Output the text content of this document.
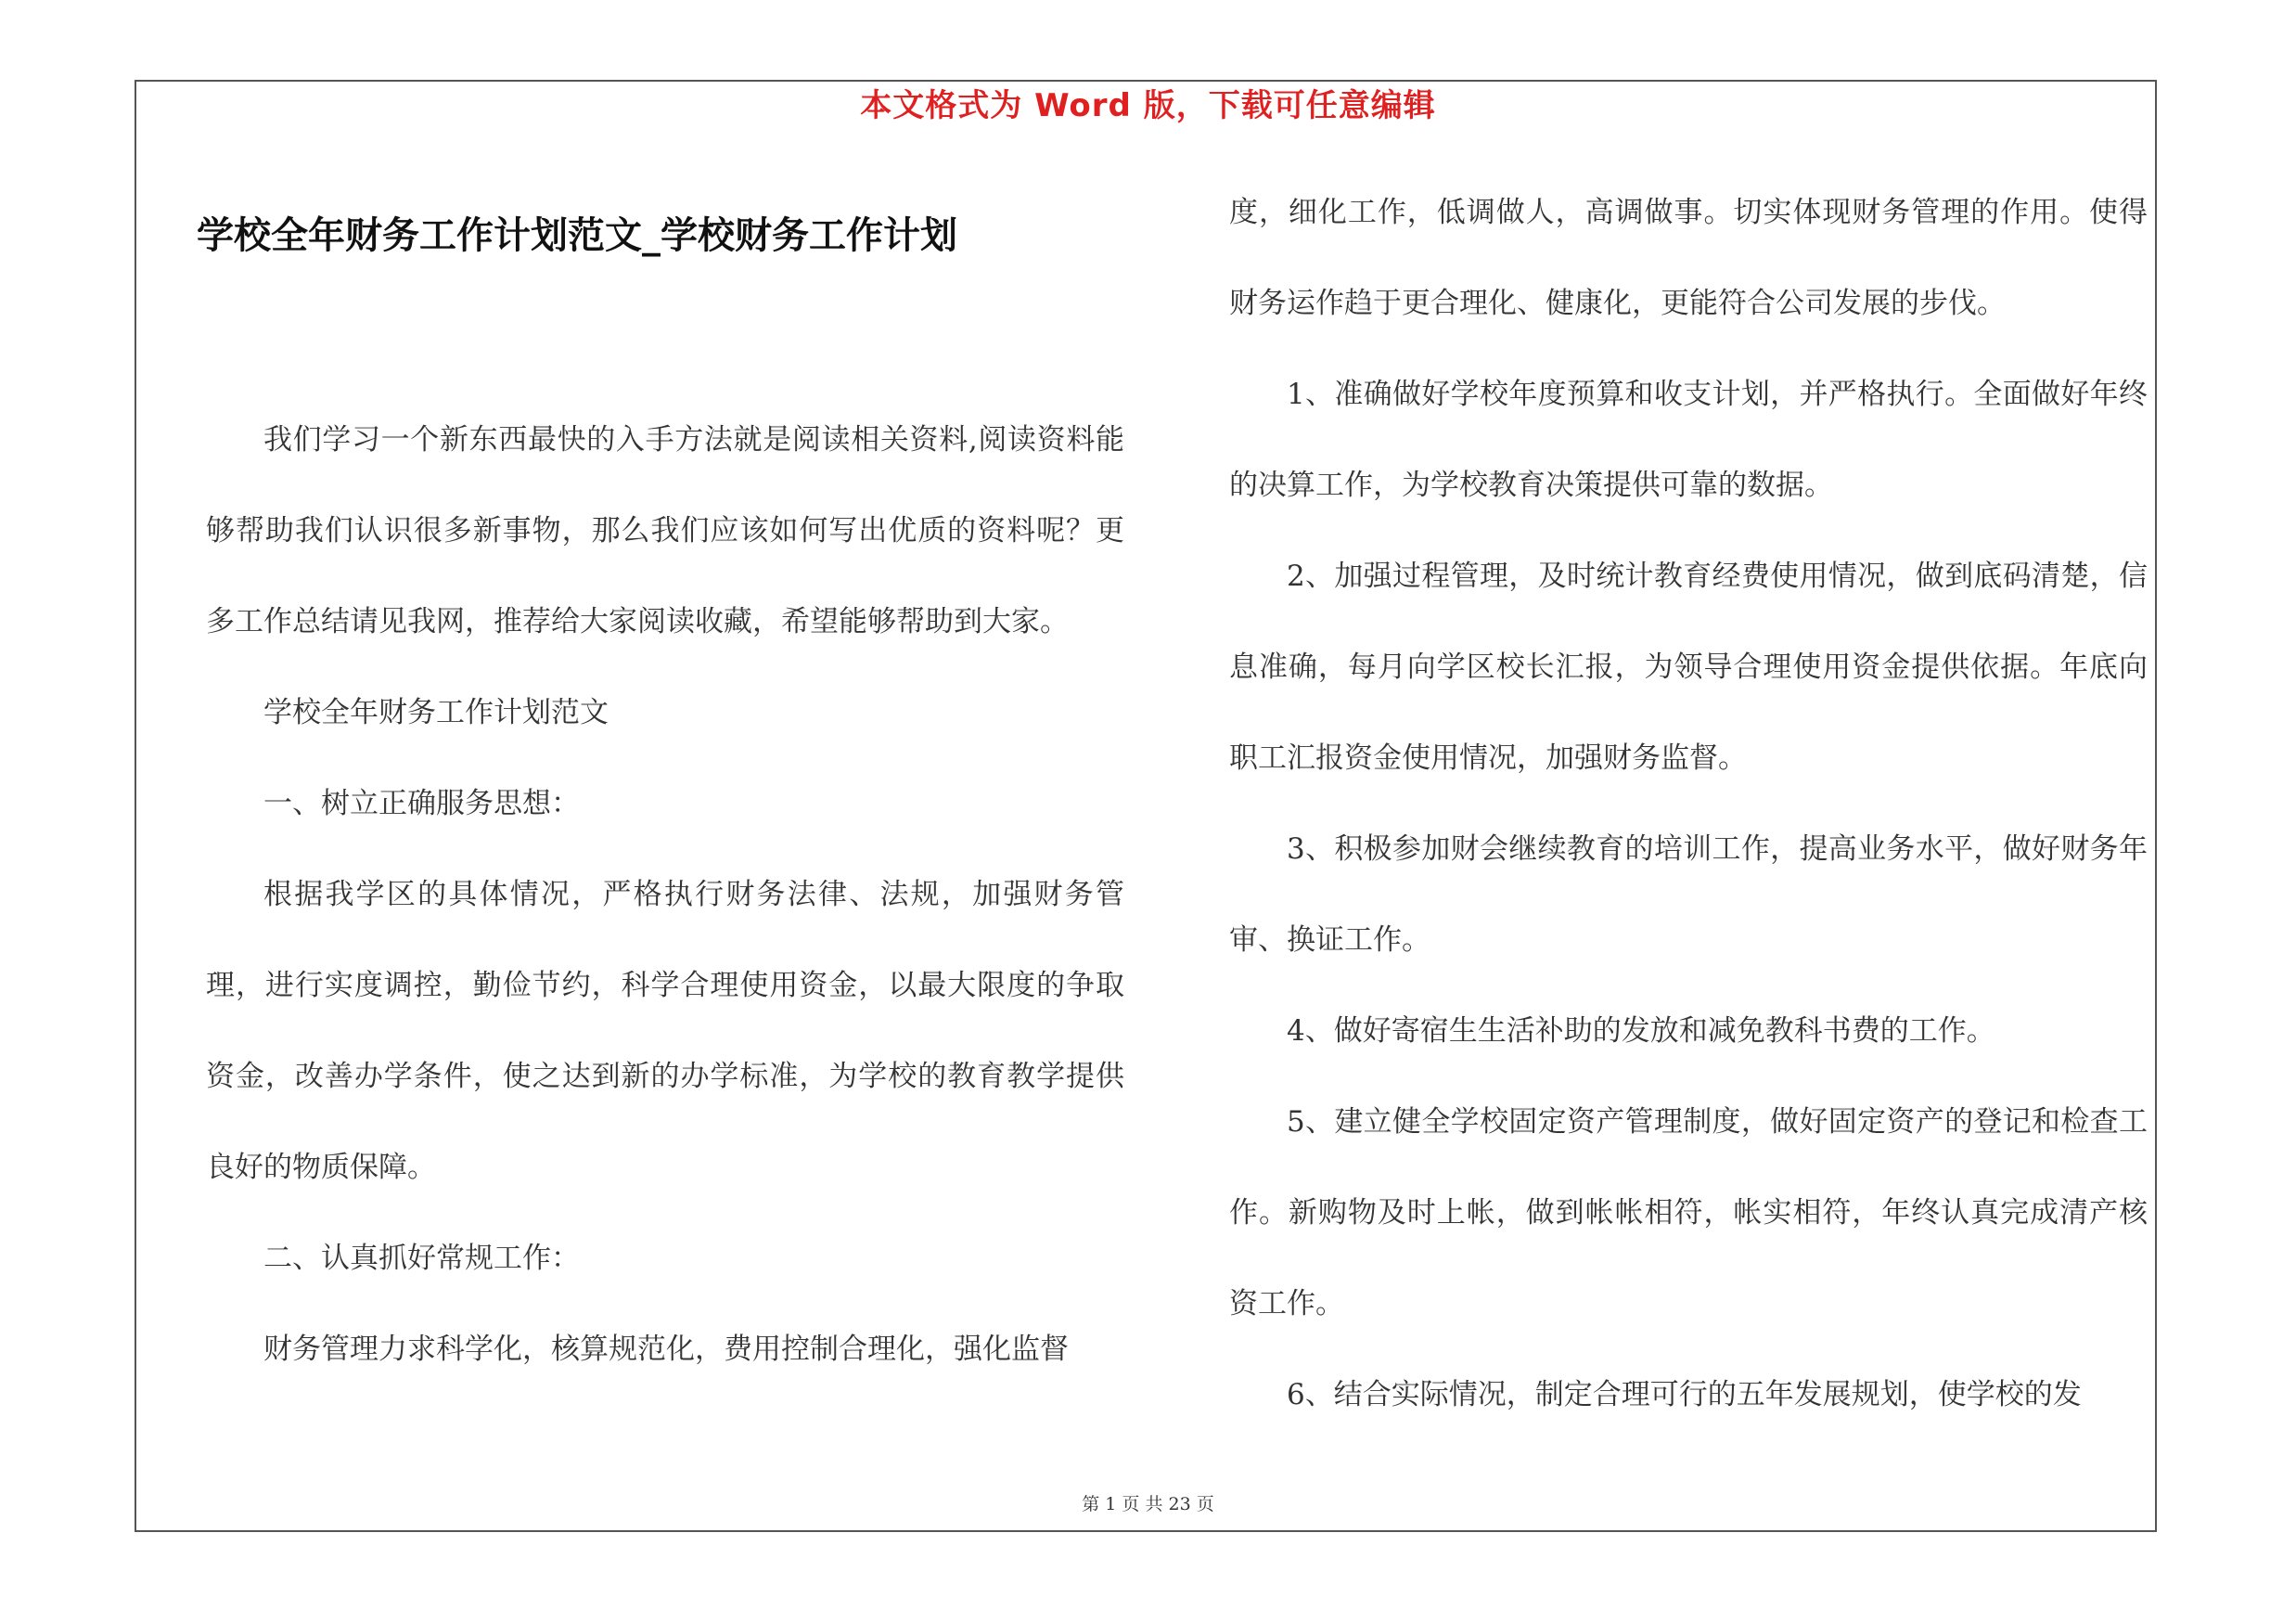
本文格式为 Word 版，下载可任意编辑
学校全年财务工作计划范文_学校财务工作计划

我们学习一个新东西最快的入手方法就是阅读相关资料,阅读资料能够帮助我们认识很多新事物，那么我们应该如何写出优质的资料呢？更多工作总结请见我网，推荐给大家阅读收藏，希望能够帮助到大家。

学校全年财务工作计划范文

一、树立正确服务思想：

根据我学区的具体情况，严格执行财务法律、法规，加强财务管理，进行实度调控，勤俭节约，科学合理使用资金，以最大限度的争取资金，改善办学条件，使之达到新的办学标准，为学校的教育教学提供良好的物质保障。

二、认真抓好常规工作：

财务管理力求科学化，核算规范化，费用控制合理化，强化监督

度，细化工作，低调做人，高调做事。切实体现财务管理的作用。使得财务运作趋于更合理化、健康化，更能符合公司发展的步伐。

1、准确做好学校年度预算和收支计划，并严格执行。全面做好年终的决算工作，为学校教育决策提供可靠的数据。

2、加强过程管理，及时统计教育经费使用情况，做到底码清楚，信息准确，每月向学区校长汇报，为领导合理使用资金提供依据。年底向职工汇报资金使用情况，加强财务监督。

3、积极参加财会继续教育的培训工作，提高业务水平，做好财务年审、换证工作。

4、做好寄宿生生活补助的发放和减免教科书费的工作。

5、建立健全学校固定资产管理制度，做好固定资产的登记和检查工作。新购物及时上帐，做到帐帐相符，帐实相符，年终认真完成清产核资工作。

6、结合实际情况，制定合理可行的五年发展规划，使学校的发

第 1 页 共 23 页
